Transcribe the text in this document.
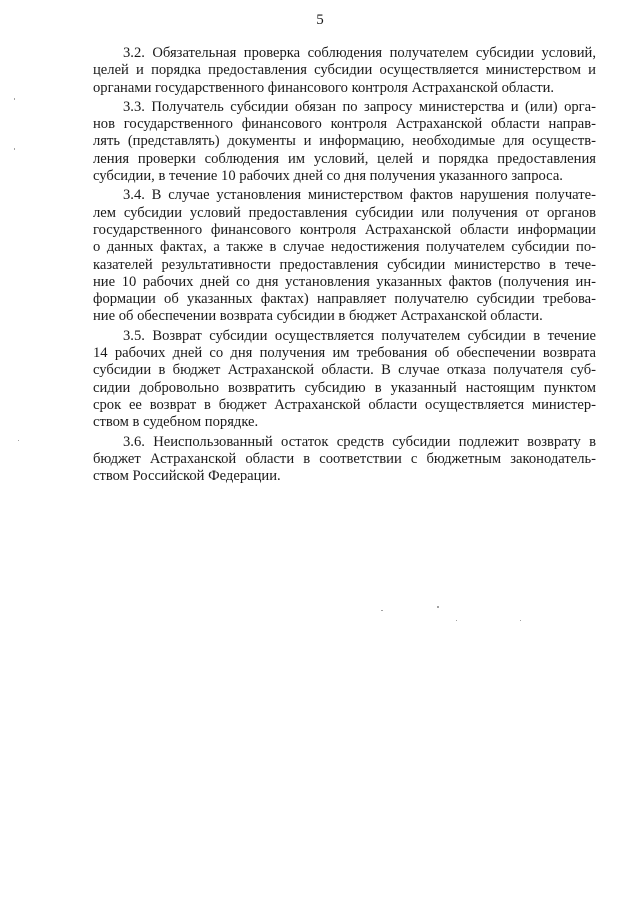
5

3.2. Обязательная проверка соблюдения получателем субсидии условий,
целей и порядка предоставления субсидии осуществляется министерством и
органами государственного финансового контроля Астраханской области.

3.3. Получатель субсидии обязан по запросу министерства и (или) орга-
нов государственного финансового контроля Астраханской области направ-
лять (представлять) документы и информацию, необходимые для осуществ-
ления проверки соблюдения им условий, целей и порядка предоставления
субсидии, в течение 10 рабочих дней со дня получения указанного запроса.

3.4. В случае установления министерством фактов нарушения получате-
лем субсидии условий предоставления субсидии или получения от органов
государственного финансового контроля Астраханской области информации
о данных фактах, а также в случае недостижения получателем субсидии по-
казателей результативности предоставления субсидии министерство в тече-
ние 10 рабочих дней со дня установления указанных фактов (получения ин-
формации об указанных фактах) направляет получателю субсидии требова-
ние об обеспечении возврата субсидии в бюджет Астраханской области.

3.5. Возврат субсидии осуществляется получателем субсидии в течение
14 рабочих дней со дня получения им требования об обеспечении возврата
субсидии в бюджет Астраханской области. В случае отказа получателя суб-
сидии добровольно возвратить субсидию в указанный настоящим пунктом
срок ее возврат в бюджет Астраханской области осуществляется министер-
ством в судебном порядке.

3.6. Неиспользованный остаток средств субсидии подлежит возврату в
бюджет Астраханской области в соответствии с бюджетным законодатель-
ством Российской Федерации.
